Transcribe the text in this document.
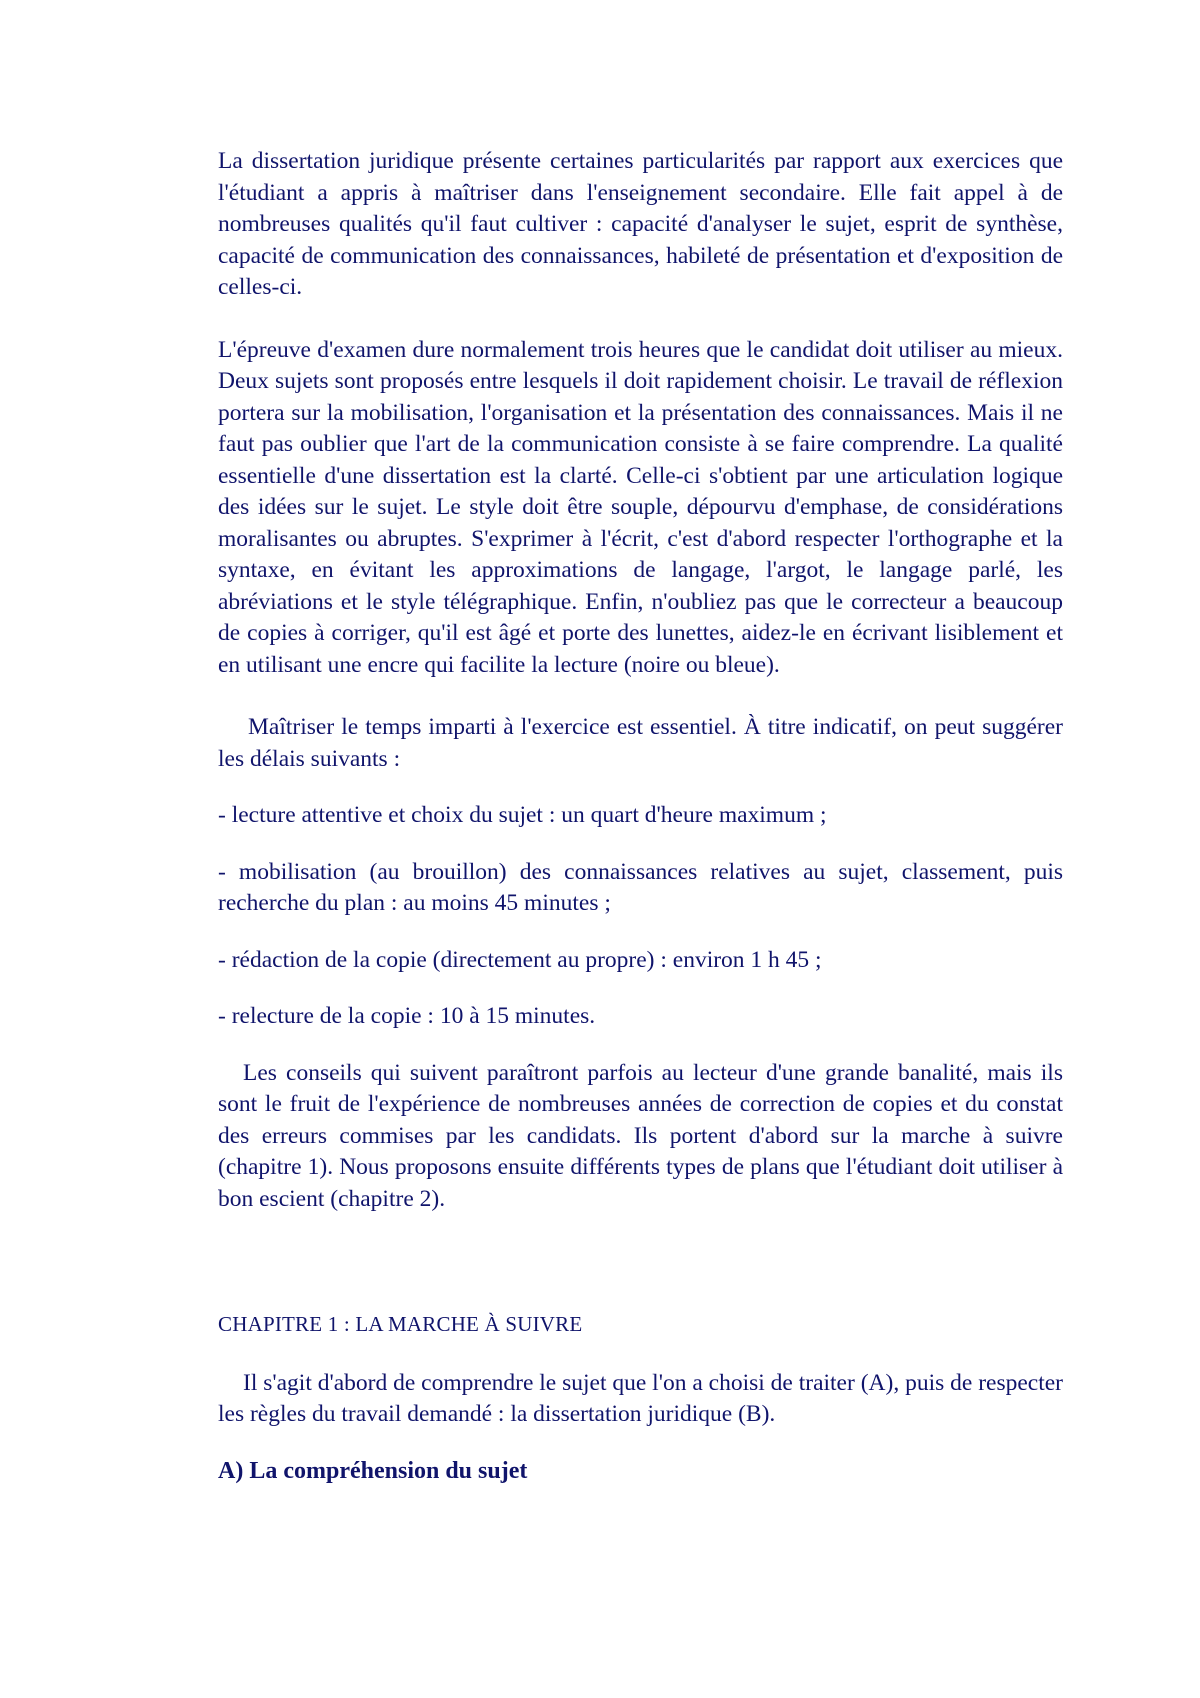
La dissertation juridique présente certaines particularités par rapport aux exercices que l'étudiant a appris à maîtriser dans l'enseignement secondaire. Elle fait appel à de nombreuses qualités qu'il faut cultiver : capacité d'analyser le sujet, esprit de synthèse, capacité de communication des connaissances, habileté de présentation et d'exposition de celles-ci.

L'épreuve d'examen dure normalement trois heures que le candidat doit utiliser au mieux. Deux sujets sont proposés entre lesquels il doit rapidement choisir. Le travail de réflexion portera sur la mobilisation, l'organisation et la présentation des connaissances. Mais il ne faut pas oublier que l'art de la communication consiste à se faire comprendre. La qualité essentielle d'une dissertation est la clarté. Celle-ci s'obtient par une articulation logique des idées sur le sujet. Le style doit être souple, dépourvu d'emphase, de considérations moralisantes ou abruptes. S'exprimer à l'écrit, c'est d'abord respecter l'orthographe et la syntaxe, en évitant les approximations de langage, l'argot, le langage parlé, les abréviations et le style télégraphique. Enfin, n'oubliez pas que le correcteur a beaucoup de copies à corriger, qu'il est âgé et porte des lunettes, aidez-le en écrivant lisiblement et en utilisant une encre qui facilite la lecture (noire ou bleue).

Maîtriser le temps imparti à l'exercice est essentiel. À titre indicatif, on peut suggérer les délais suivants :

- lecture attentive et choix du sujet : un quart d'heure maximum ;

- mobilisation (au brouillon) des connaissances relatives au sujet, classement, puis recherche du plan : au moins 45 minutes ;

- rédaction de la copie (directement au propre) : environ 1 h 45 ;

- relecture de la copie : 10 à 15 minutes.

Les conseils qui suivent paraîtront parfois au lecteur d'une grande banalité, mais ils sont le fruit de l'expérience de nombreuses années de correction de copies et du constat des erreurs commises par les candidats. Ils portent d'abord sur la marche à suivre (chapitre 1). Nous proposons ensuite différents types de plans que l'étudiant doit utiliser à bon escient (chapitre 2).

CHAPITRE 1 : LA MARCHE À SUIVRE

Il s'agit d'abord de comprendre le sujet que l'on a choisi de traiter (A), puis de respecter les règles du travail demandé : la dissertation juridique (B).

A) La compréhension du sujet
